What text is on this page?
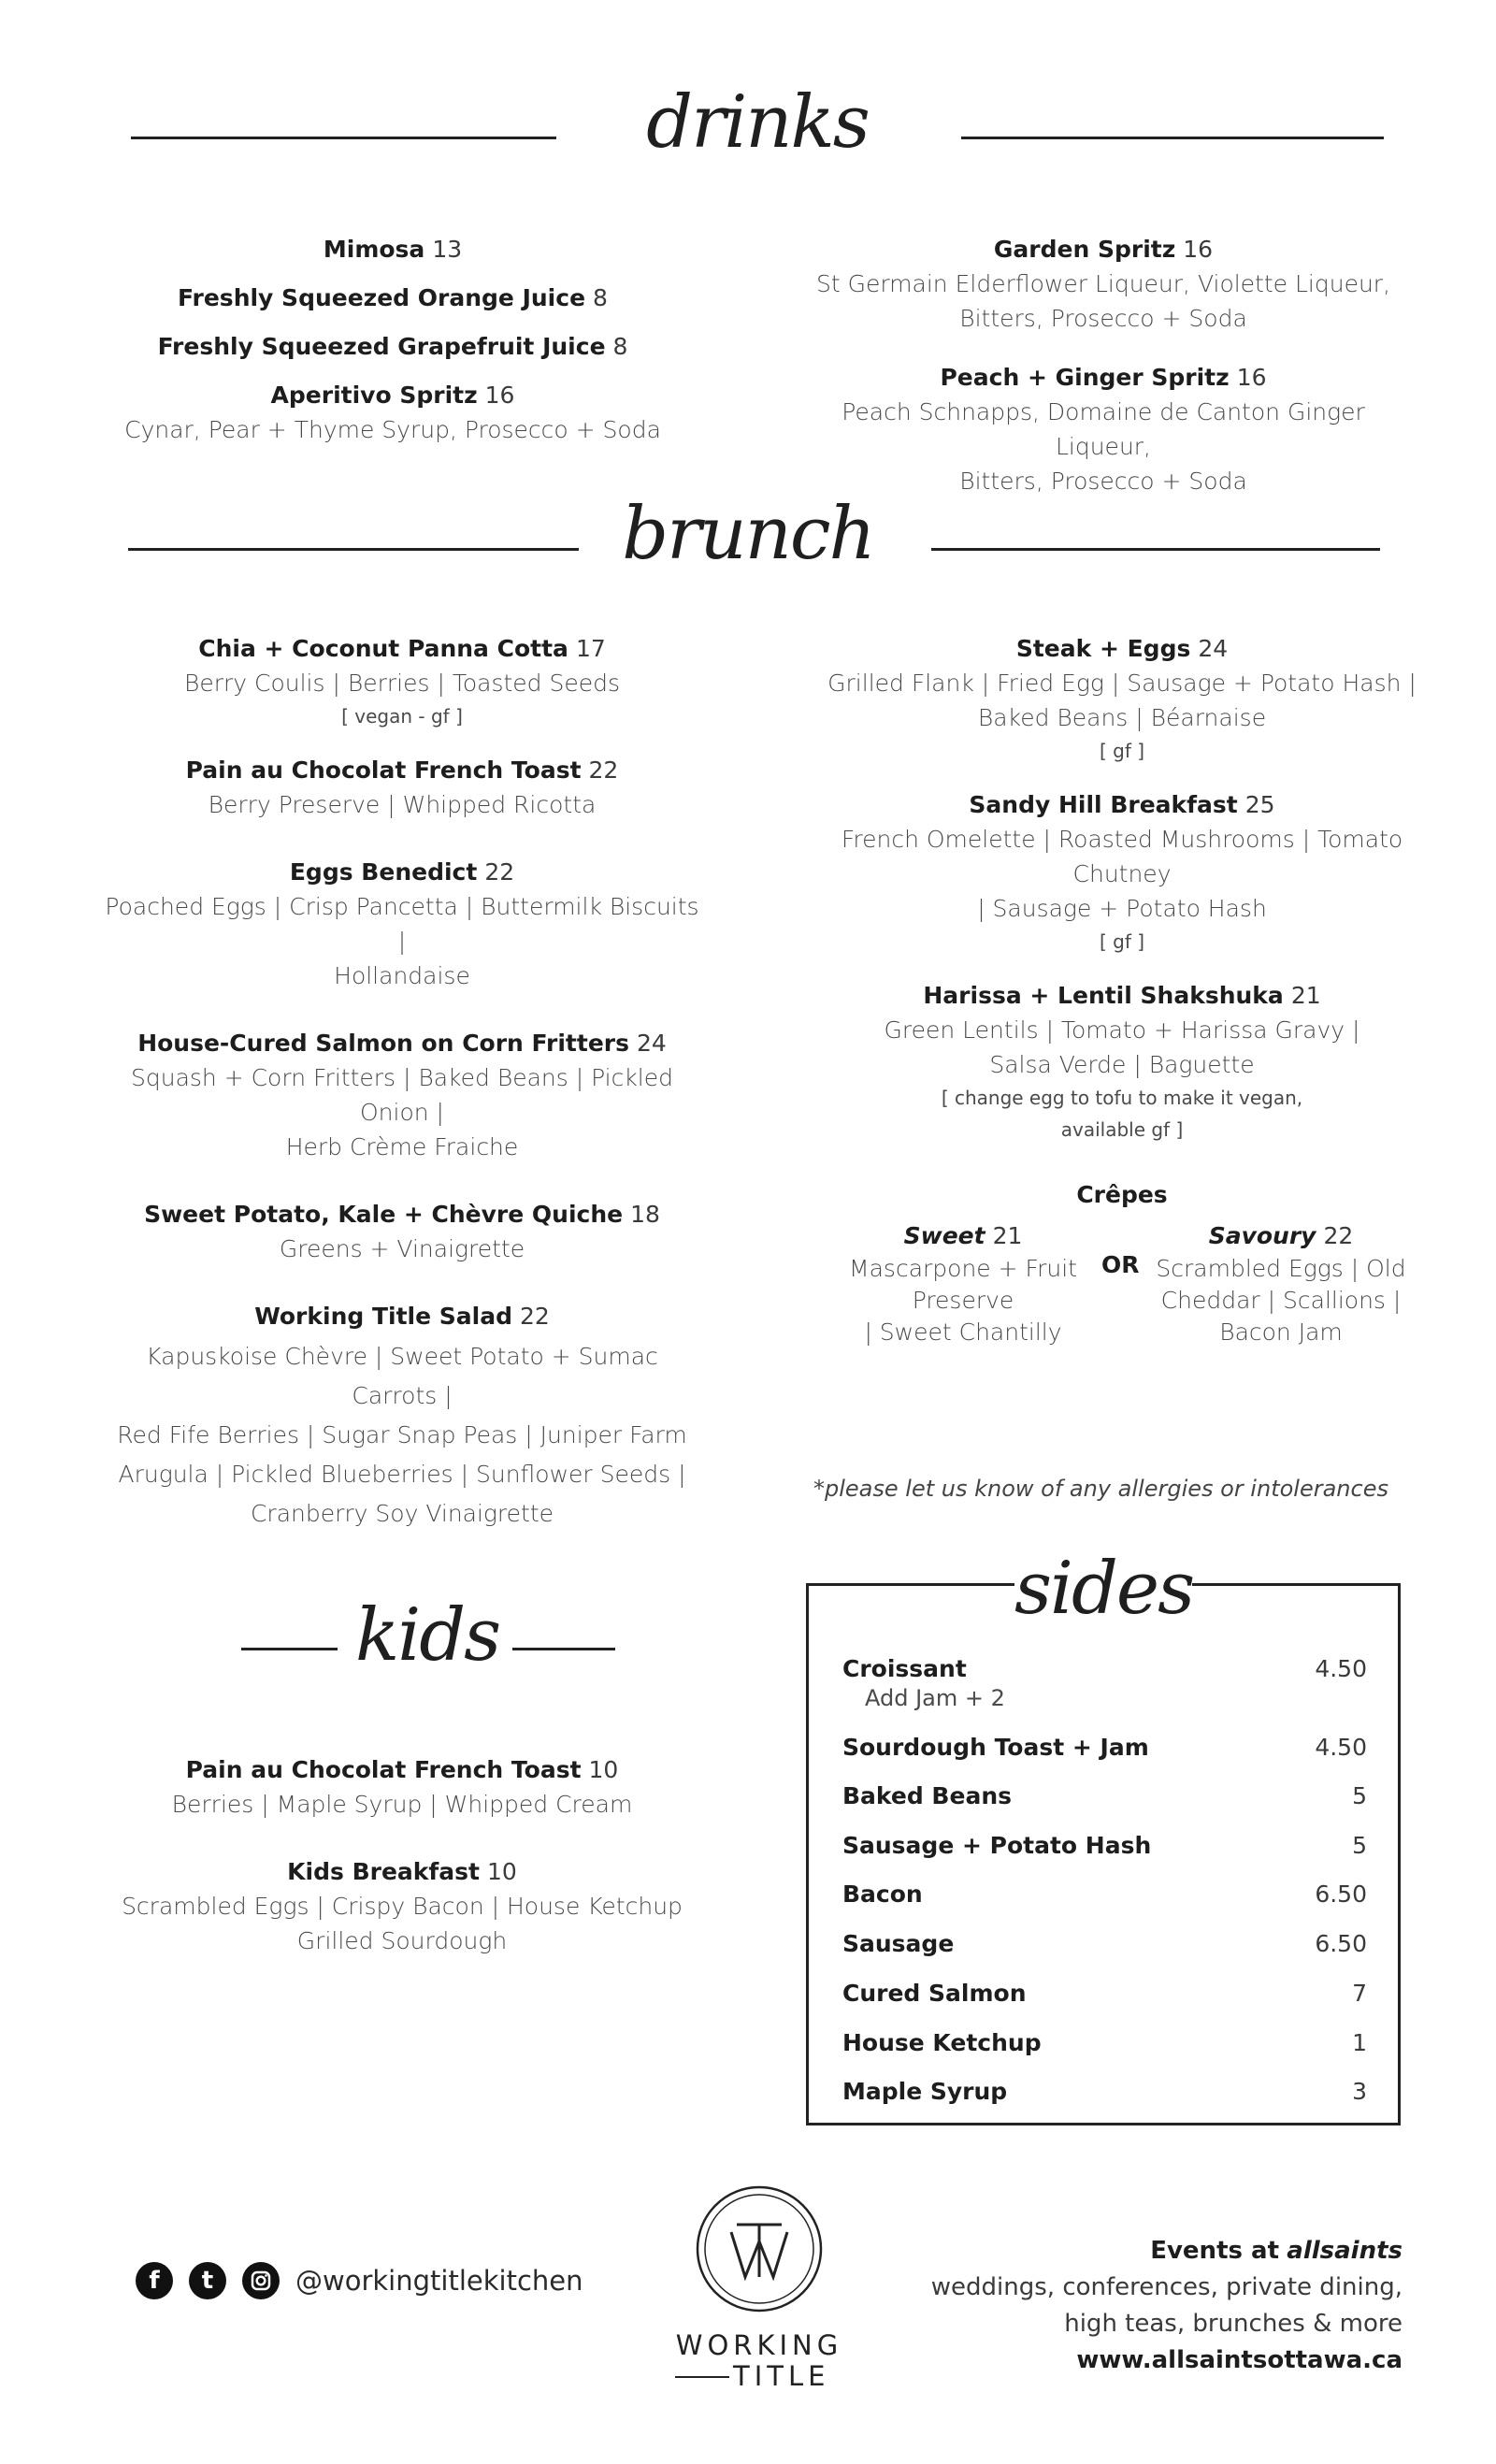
drinks
Mimosa 13
Freshly Squeezed Orange Juice 8
Freshly Squeezed Grapefruit Juice 8
Aperitivo Spritz 16
Cynar, Pear + Thyme Syrup, Prosecco + Soda
Garden Spritz 16
St Germain Elderflower Liqueur, Violette Liqueur,
Bitters, Prosecco + Soda
Peach + Ginger Spritz 16
Peach Schnapps, Domaine de Canton Ginger Liqueur,
Bitters, Prosecco + Soda
brunch
Chia + Coconut Panna Cotta 17
Berry Coulis | Berries | Toasted Seeds
[ vegan - gf ]
Pain au Chocolat French Toast 22
Berry Preserve | Whipped Ricotta
Eggs Benedict 22
Poached Eggs | Crisp Pancetta | Buttermilk Biscuits |
Hollandaise
House-Cured Salmon on Corn Fritters 24
Squash + Corn Fritters | Baked Beans | Pickled Onion |
Herb Crème Fraiche
Sweet Potato, Kale + Chèvre Quiche 18
Greens + Vinaigrette
Working Title Salad 22
Kapuskoise Chèvre | Sweet Potato + Sumac Carrots |
Red Fife Berries | Sugar Snap Peas | Juniper Farm
Arugula | Pickled Blueberries | Sunflower Seeds |
Cranberry Soy Vinaigrette
Steak + Eggs 24
Grilled Flank | Fried Egg | Sausage + Potato Hash |
Baked Beans | Béarnaise
[ gf ]
Sandy Hill Breakfast 25
French Omelette | Roasted Mushrooms | Tomato Chutney
| Sausage + Potato Hash
[ gf ]
Harissa + Lentil Shakshuka 21
Green Lentils | Tomato + Harissa Gravy |
Salsa Verde | Baguette
[ change egg to tofu to make it vegan,
available gf ]
Crêpes
Sweet 21
Mascarpone + Fruit
Preserve
| Sweet Chantilly
OR
Savoury 22
Scrambled Eggs | Old
Cheddar | Scallions |
Bacon Jam
*please let us know of any allergies or intolerances
kids
Pain au Chocolat French Toast 10
Berries | Maple Syrup | Whipped Cream
Kids Breakfast 10
Scrambled Eggs | Crispy Bacon | House Ketchup
Grilled Sourdough
Croissant	4.50
Add Jam + 2
Sourdough Toast + Jam	4.50
Baked Beans	5
Sausage + Potato Hash	5
Bacon	6.50
Sausage	6.50
Cured Salmon	7
House Ketchup	1
Maple Syrup	3
sides
f	t	@workingtitlekitchen
WORKING
TITLE
Events at allsaints
weddings, conferences, private dining,
high teas, brunches & more
www.allsaintsottawa.ca
